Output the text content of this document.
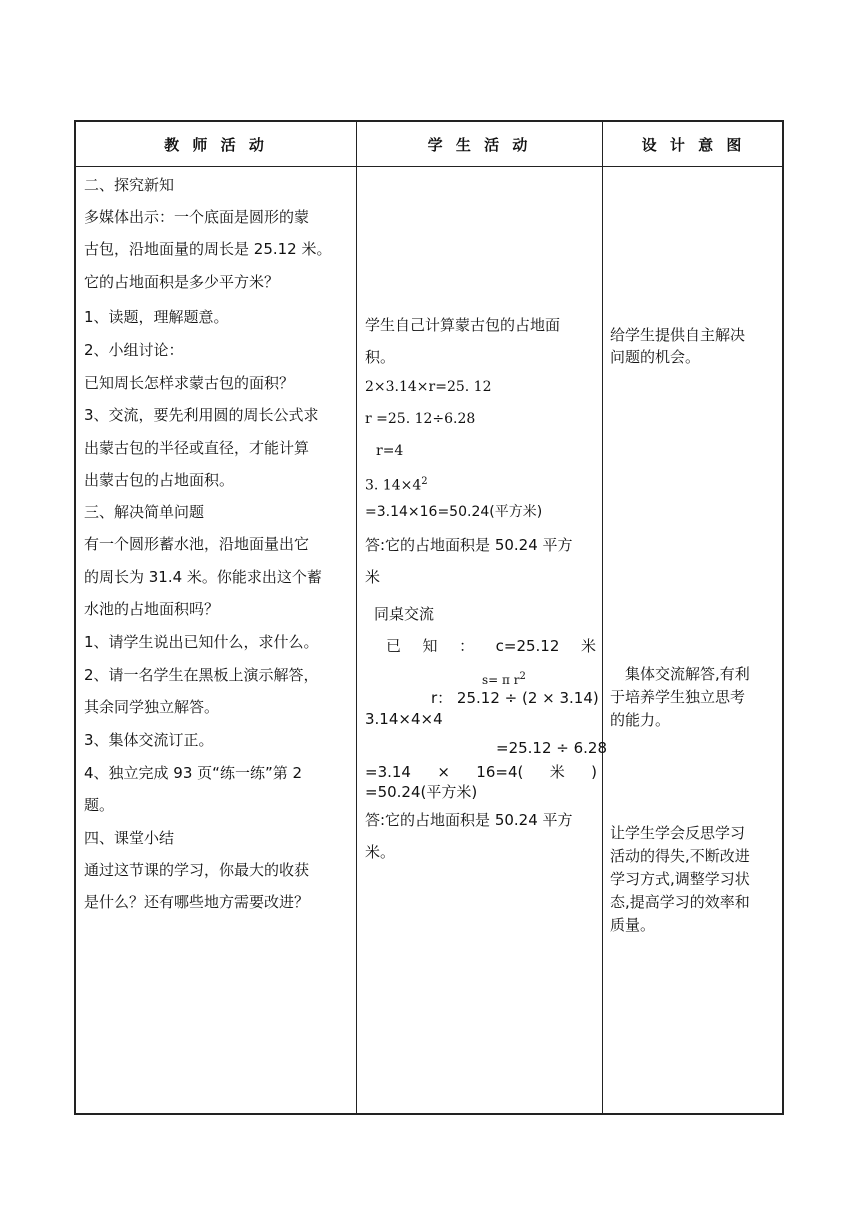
教 师 活 动	学 生 活 动	设 计 意 图
二、探究新知
多媒体出示：一个底面是圆形的蒙
古包，沿地面量的周长是 25.12 米。
它的占地面积是多少平方米？
1、读题，理解题意。
2、小组讨论：
已知周长怎样求蒙古包的面积？
3、交流，要先利用圆的周长公式求
出蒙古包的半径或直径，才能计算
出蒙古包的占地面积。
三、解决简单问题
有一个圆形蓄水池，沿地面量出它
的周长为 31.4 米。你能求出这个蓄
水池的占地面积吗？
1、请学生说出已知什么，求什么。
2、请一名学生在黑板上演示解答，
其余同学独立解答。
3、集体交流订正。
4、独立完成 93 页“练一练”第 2
题。
四、课堂小结
通过这节课的学习，你最大的收获
是什么？还有哪些地方需要改进？
学生自己计算蒙古包的占地面
积。
2×3.14×r=25. 12
r =25. 12÷6.28
r=4
3. $14\times 4^2$
=3.14×16=50.24(平方米)
答:它的占地面积是 50.24 平方
米
同桌交流
已 知 ： c=25.12 米
s= π $r^2$
r： 25.12 ÷ (2 × 3.14)
3.14×4×4
=25.12 ÷ 6.28
=3.14 × 16=4( 米 )
=50.24(平方米)
答:它的占地面积是 50.24 平方
米。
给学生提供自主解决
问题的机会。
　集体交流解答,有利
于培养学生独立思考
的能力。
让学生学会反思学习
活动的得失,不断改进
学习方式,调整学习状
态,提高学习的效率和
质量。
